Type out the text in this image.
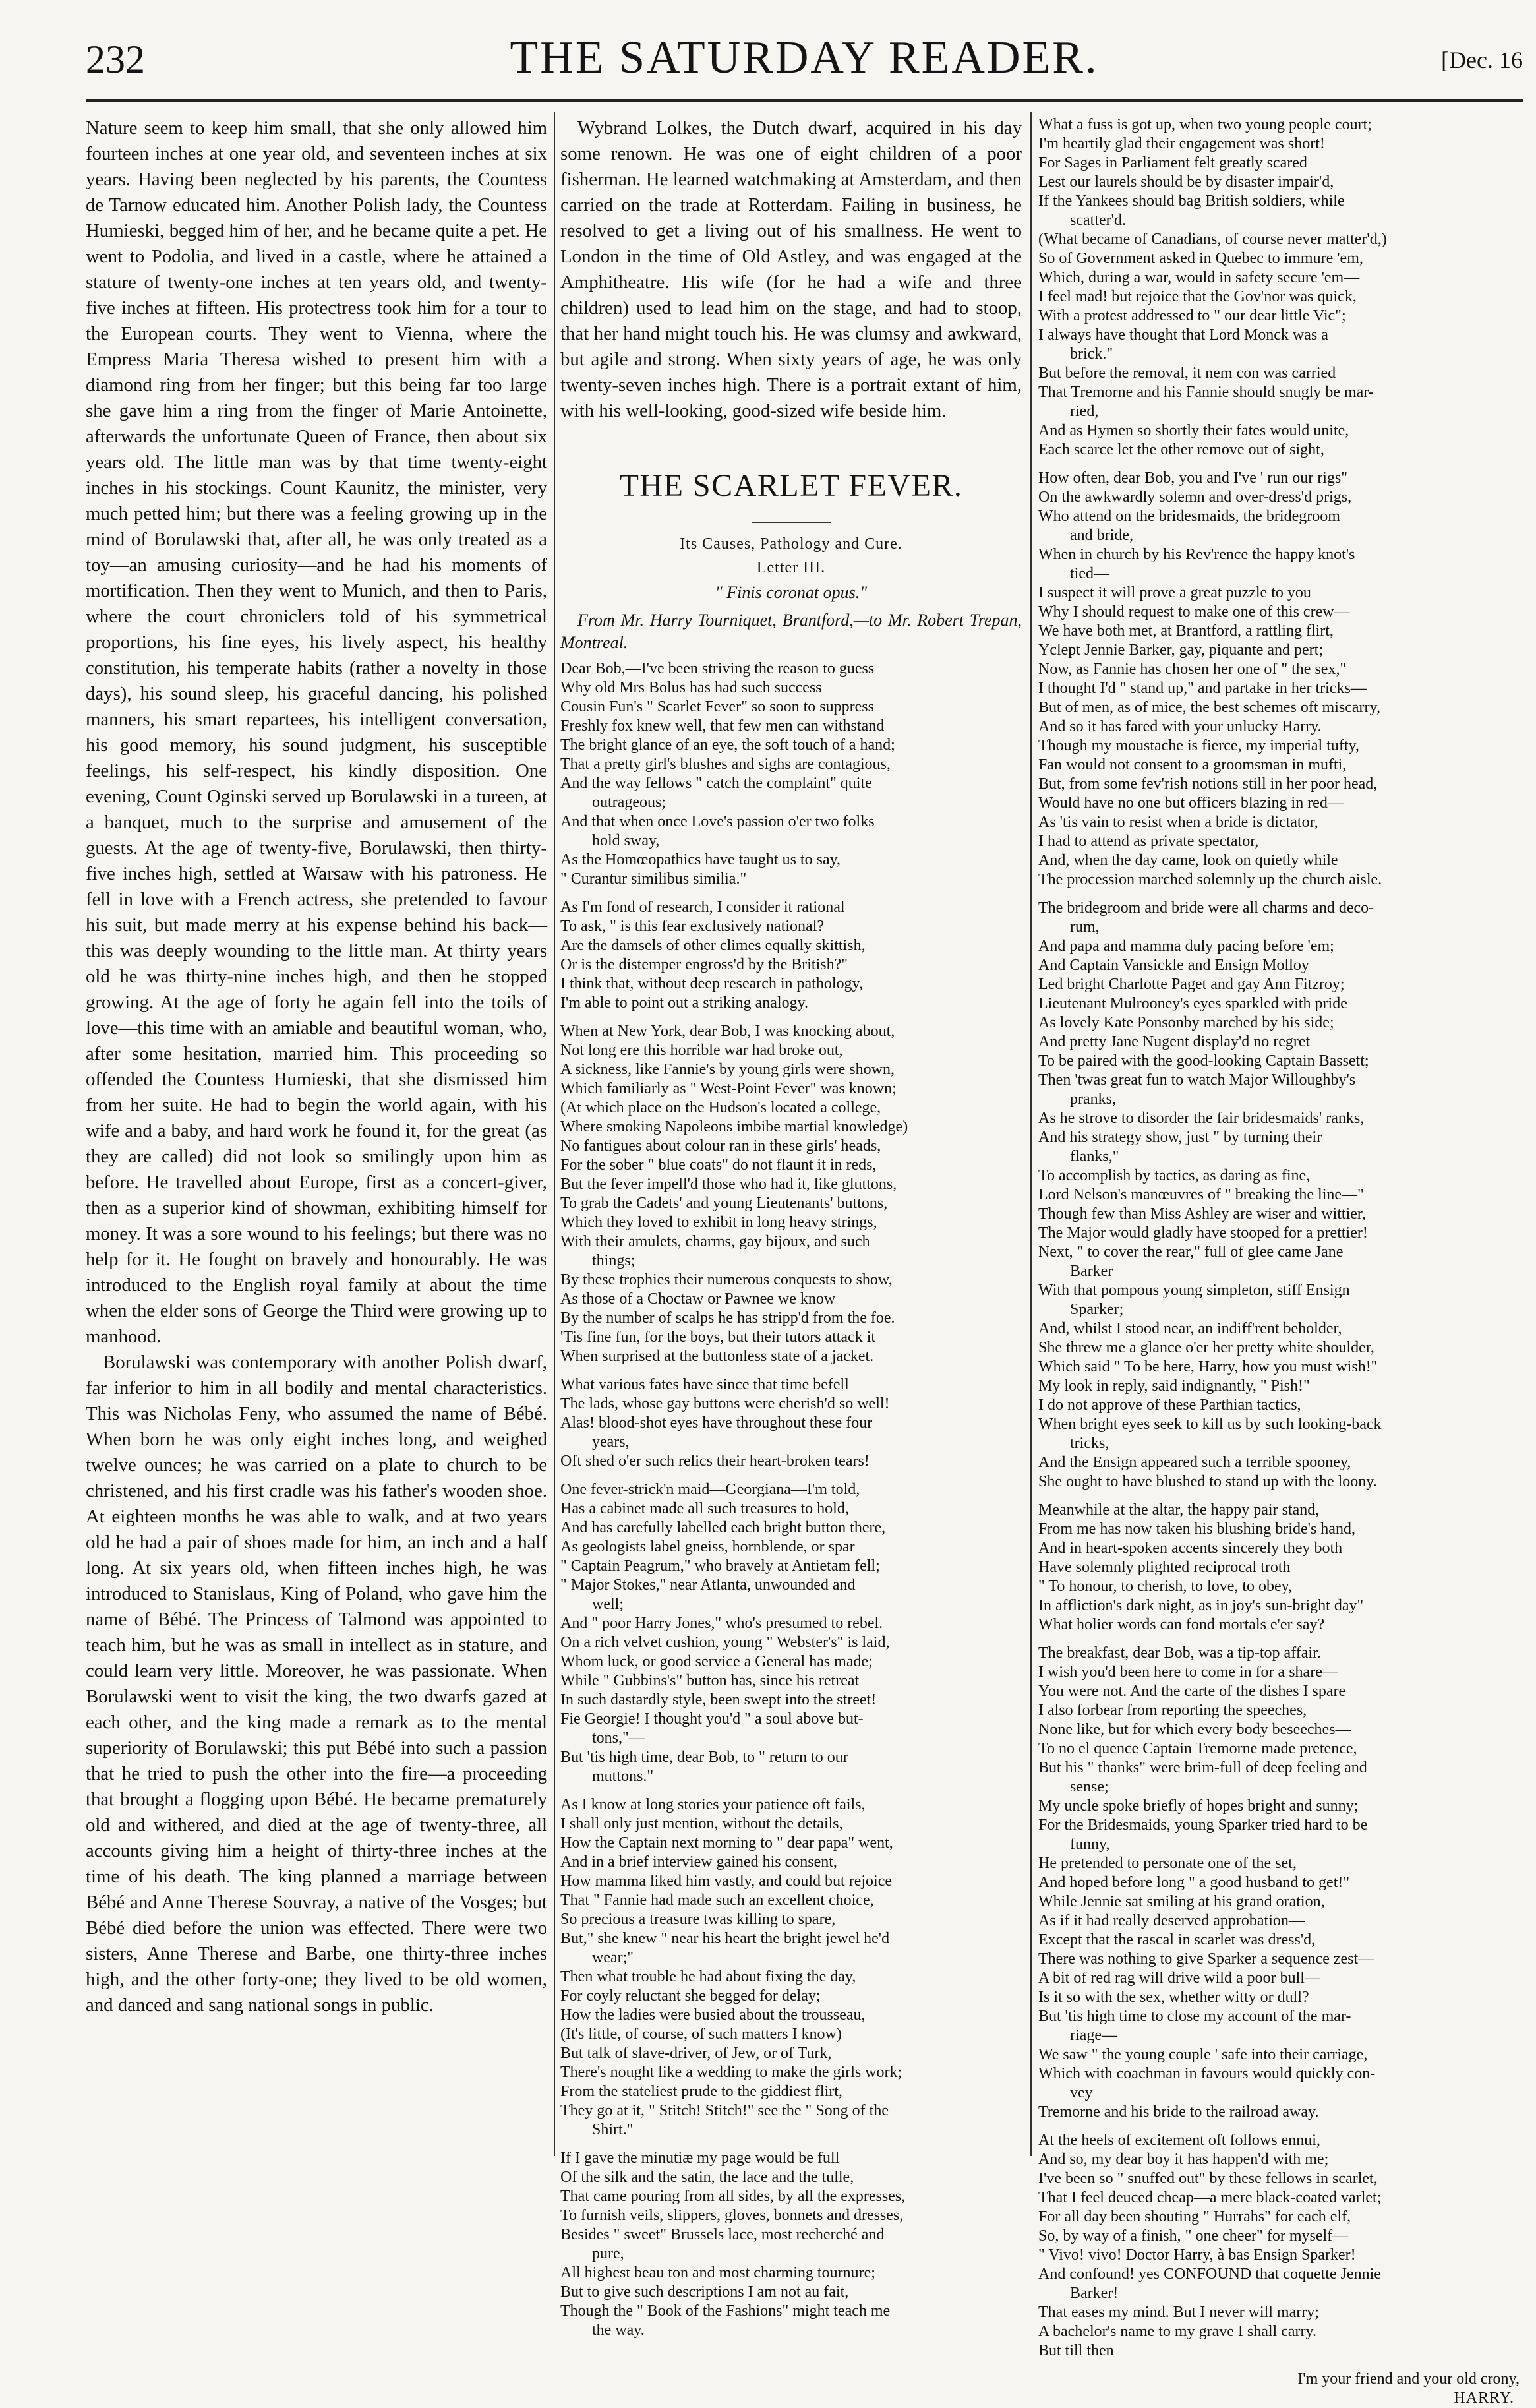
232	THE SATURDAY READER.	[Dec. 16

Nature seem to keep him small, that she only allowed him fourteen inches at one year old, and seventeen inches at six years. Having been neglected by his parents, the Countess de Tarnow educated him. Another Polish lady, the Countess Humieski, begged him of her, and he became quite a pet. He went to Podolia, and lived in a castle, where he attained a stature of twenty-one inches at ten years old, and twenty-five inches at fifteen. His protectress took him for a tour to the European courts. They went to Vienna, where the Empress Maria Theresa wished to present him with a diamond ring from her finger; but this being far too large she gave him a ring from the finger of Marie Antoinette, afterwards the unfortunate Queen of France, then about six years old. The little man was by that time twenty-eight inches in his stockings. Count Kaunitz, the minister, very much petted him; but there was a feeling growing up in the mind of Borulawski that, after all, he was only treated as a toy—an amusing curiosity—and he had his moments of mortification. Then they went to Munich, and then to Paris, where the court chroniclers told of his symmetrical proportions, his fine eyes, his lively aspect, his healthy constitution, his temperate habits (rather a novelty in those days), his sound sleep, his graceful dancing, his polished manners, his smart repartees, his intelligent conversation, his good memory, his sound judgment, his susceptible feelings, his self-respect, his kindly disposition. One evening, Count Oginski served up Borulawski in a tureen, at a banquet, much to the surprise and amusement of the guests. At the age of twenty-five, Borulawski, then thirty-five inches high, settled at Warsaw with his patroness. He fell in love with a French actress, she pretended to favour his suit, but made merry at his expense behind his back—this was deeply wounding to the little man. At thirty years old he was thirty-nine inches high, and then he stopped growing. At the age of forty he again fell into the toils of love—this time with an amiable and beautiful woman, who, after some hesitation, married him. This proceeding so offended the Countess Humieski, that she dismissed him from her suite. He had to begin the world again, with his wife and a baby, and hard work he found it, for the great (as they are called) did not look so smilingly upon him as before. He travelled about Europe, first as a concert-giver, then as a superior kind of showman, exhibiting himself for money. It was a sore wound to his feelings; but there was no help for it. He fought on bravely and honourably. He was introduced to the English royal family at about the time when the elder sons of George the Third were growing up to manhood.

Borulawski was contemporary with another Polish dwarf, far inferior to him in all bodily and mental characteristics. This was Nicholas Feny, who assumed the name of Bébé. When born he was only eight inches long, and weighed twelve ounces; he was carried on a plate to church to be christened, and his first cradle was his father's wooden shoe. At eighteen months he was able to walk, and at two years old he had a pair of shoes made for him, an inch and a half long. At six years old, when fifteen inches high, he was introduced to Stanislaus, King of Poland, who gave him the name of Bébé. The Princess of Talmond was appointed to teach him, but he was as small in intellect as in stature, and could learn very little. Moreover, he was passionate. When Borulawski went to visit the king, the two dwarfs gazed at each other, and the king made a remark as to the mental superiority of Borulawski; this put Bébé into such a passion that he tried to push the other into the fire—a proceeding that brought a flogging upon Bébé. He became prematurely old and withered, and died at the age of twenty-three, all accounts giving him a height of thirty-three inches at the time of his death. The king planned a marriage between Bébé and Anne Therese Souvray, a native of the Vosges; but Bébé died before the union was effected. There were two sisters, Anne Therese and Barbe, one thirty-three inches high, and the other forty-one; they lived to be old women, and danced and sang national songs in public.

Wybrand Lolkes, the Dutch dwarf, acquired in his day some renown. He was one of eight children of a poor fisherman. He learned watchmaking at Amsterdam, and then carried on the trade at Rotterdam. Failing in business, he resolved to get a living out of his smallness. He went to London in the time of Old Astley, and was engaged at the Amphitheatre. His wife (for he had a wife and three children) used to lead him on the stage, and had to stoop, that her hand might touch his. He was clumsy and awkward, but agile and strong. When sixty years of age, he was only twenty-seven inches high. There is a portrait extant of him, with his well-looking, good-sized wife beside him.

THE SCARLET FEVER.

Its Causes, Pathology and Cure.

Letter III.

" Finis coronat opus."

From Mr. Harry Tourniquet, Brantford,—to Mr. Robert Trepan, Montreal.

Dear Bob,—I've been striving the reason to guess
Why old Mrs Bolus has had such success
Cousin Fun's " Scarlet Fever" so soon to suppress
Freshly fox knew well, that few men can withstand
The bright glance of an eye, the soft touch of a hand;
That a pretty girl's blushes and sighs are contagious,
And the way fellows " catch the complaint" quite
outrageous;
And that when once Love's passion o'er two folks
hold sway,
As the Homœopathics have taught us to say,
" Curantur similibus similia."
As I'm fond of research, I consider it rational
To ask, " is this fear exclusively national?
Are the damsels of other climes equally skittish,
Or is the distemper engross'd by the British?"
I think that, without deep research in pathology,
I'm able to point out a striking analogy.
When at New York, dear Bob, I was knocking about,
Not long ere this horrible war had broke out,
A sickness, like Fannie's by young girls were shown,
Which familiarly as " West-Point Fever" was known;
(At which place on the Hudson's located a college,
Where smoking Napoleons imbibe martial knowledge)
No fantigues about colour ran in these girls' heads,
For the sober " blue coats" do not flaunt it in reds,
But the fever impell'd those who had it, like gluttons,
To grab the Cadets' and young Lieutenants' buttons,
Which they loved to exhibit in long heavy strings,
With their amulets, charms, gay bijoux, and such
things;
By these trophies their numerous conquests to show,
As those of a Choctaw or Pawnee we know
By the number of scalps he has stripp'd from the foe.
'Tis fine fun, for the boys, but their tutors attack it
When surprised at the buttonless state of a jacket.
What various fates have since that time befell
The lads, whose gay buttons were cherish'd so well!
Alas! blood-shot eyes have throughout these four
years,
Oft shed o'er such relics their heart-broken tears!
One fever-strick'n maid—Georgiana—I'm told,
Has a cabinet made all such treasures to hold,
And has carefully labelled each bright button there,
As geologists label gneiss, hornblende, or spar
" Captain Peagrum," who bravely at Antietam fell;
" Major Stokes," near Atlanta, unwounded and
well;
And " poor Harry Jones," who's presumed to rebel.
On a rich velvet cushion, young " Webster's" is laid,
Whom luck, or good service a General has made;
While " Gubbins's" button has, since his retreat
In such dastardly style, been swept into the street!
Fie Georgie! I thought you'd " a soul above but-
tons,"—
But 'tis high time, dear Bob, to " return to our
muttons."
As I know at long stories your patience oft fails,
I shall only just mention, without the details,
How the Captain next morning to " dear papa" went,
And in a brief interview gained his consent,
How mamma liked him vastly, and could but rejoice
That " Fannie had made such an excellent choice,
So precious a treasure twas killing to spare,
But," she knew " near his heart the bright jewel he'd
wear;"
Then what trouble he had about fixing the day,
For coyly reluctant she begged for delay;
How the ladies were busied about the trousseau,
(It's little, of course, of such matters I know)
But talk of slave-driver, of Jew, or of Turk,
There's nought like a wedding to make the girls work;
From the stateliest prude to the giddiest flirt,
They go at it, " Stitch! Stitch!" see the " Song of the
Shirt."
If I gave the minutiæ my page would be full
Of the silk and the satin, the lace and the tulle,
That came pouring from all sides, by all the expresses,
To furnish veils, slippers, gloves, bonnets and dresses,
Besides " sweet" Brussels lace, most recherché and
pure,
All highest beau ton and most charming tournure;
But to give such descriptions I am not au fait,
Though the " Book of the Fashions" might teach me
the way.
What a fuss is got up, when two young people court;
I'm heartily glad their engagement was short!
For Sages in Parliament felt greatly scared
Lest our laurels should be by disaster impair'd,
If the Yankees should bag British soldiers, while
scatter'd.
(What became of Canadians, of course never matter'd,)
So of Government asked in Quebec to immure 'em,
Which, during a war, would in safety secure 'em—
I feel mad! but rejoice that the Gov'nor was quick,
With a protest addressed to " our dear little Vic";
I always have thought that Lord Monck was a
brick."
But before the removal, it nem con was carried
That Tremorne and his Fannie should snugly be mar-
ried,
And as Hymen so shortly their fates would unite,
Each scarce let the other remove out of sight,
How often, dear Bob, you and I've ' run our rigs"
On the awkwardly solemn and over-dress'd prigs,
Who attend on the bridesmaids, the bridegroom
and bride,
When in church by his Rev'rence the happy knot's
tied—
I suspect it will prove a great puzzle to you
Why I should request to make one of this crew—
We have both met, at Brantford, a rattling flirt,
Yclept Jennie Barker, gay, piquante and pert;
Now, as Fannie has chosen her one of " the sex,"
I thought I'd " stand up," and partake in her tricks—
But of men, as of mice, the best schemes oft miscarry,
And so it has fared with your unlucky Harry.
Though my moustache is fierce, my imperial tufty,
Fan would not consent to a groomsman in mufti,
But, from some fev'rish notions still in her poor head,
Would have no one but officers blazing in red—
As 'tis vain to resist when a bride is dictator,
I had to attend as private spectator,
And, when the day came, look on quietly while
The procession marched solemnly up the church aisle.
The bridegroom and bride were all charms and deco-
rum,
And papa and mamma duly pacing before 'em;
And Captain Vansickle and Ensign Molloy
Led bright Charlotte Paget and gay Ann Fitzroy;
Lieutenant Mulrooney's eyes sparkled with pride
As lovely Kate Ponsonby marched by his side;
And pretty Jane Nugent display'd no regret
To be paired with the good-looking Captain Bassett;
Then 'twas great fun to watch Major Willoughby's
pranks,
As he strove to disorder the fair bridesmaids' ranks,
And his strategy show, just " by turning their
flanks,"
To accomplish by tactics, as daring as fine,
Lord Nelson's manœuvres of " breaking the line—"
Though few than Miss Ashley are wiser and wittier,
The Major would gladly have stooped for a prettier!
Next, " to cover the rear," full of glee came Jane
Barker
With that pompous young simpleton, stiff Ensign
Sparker;
And, whilst I stood near, an indiff'rent beholder,
She threw me a glance o'er her pretty white shoulder,
Which said " To be here, Harry, how you must wish!"
My look in reply, said indignantly, " Pish!"
I do not approve of these Parthian tactics,
When bright eyes seek to kill us by such looking-back
tricks,
And the Ensign appeared such a terrible spooney,
She ought to have blushed to stand up with the loony.
Meanwhile at the altar, the happy pair stand,
From me has now taken his blushing bride's hand,
And in heart-spoken accents sincerely they both
Have solemnly plighted reciprocal troth
" To honour, to cherish, to love, to obey,
In affliction's dark night, as in joy's sun-bright day"
What holier words can fond mortals e'er say?
The breakfast, dear Bob, was a tip-top affair.
I wish you'd been here to come in for a share—
You were not. And the carte of the dishes I spare
I also forbear from reporting the speeches,
None like, but for which every body beseeches—
To no el quence Captain Tremorne made pretence,
But his " thanks" were brim-full of deep feeling and
sense;
My uncle spoke briefly of hopes bright and sunny;
For the Bridesmaids, young Sparker tried hard to be
funny,
He pretended to personate one of the set,
And hoped before long " a good husband to get!"
While Jennie sat smiling at his grand oration,
As if it had really deserved approbation—
Except that the rascal in scarlet was dress'd,
There was nothing to give Sparker a sequence zest—
A bit of red rag will drive wild a poor bull—
Is it so with the sex, whether witty or dull?
But 'tis high time to close my account of the mar-
riage—
We saw " the young couple ' safe into their carriage,
Which with coachman in favours would quickly con-
vey
Tremorne and his bride to the railroad away.
At the heels of excitement oft follows ennui,
And so, my dear boy it has happen'd with me;
I've been so " snuffed out" by these fellows in scarlet,
That I feel deuced cheap—a mere black-coated varlet;
For all day been shouting " Hurrahs" for each elf,
So, by way of a finish, " one cheer" for myself—
" Vivo! vivo! Doctor Harry, à bas Ensign Sparker!
And confound! yes CONFOUND that coquette Jennie
Barker!
That eases my mind. But I never will marry;
A bachelor's name to my grave I shall carry.
But till then
I'm your friend and your old crony,
HARRY.
